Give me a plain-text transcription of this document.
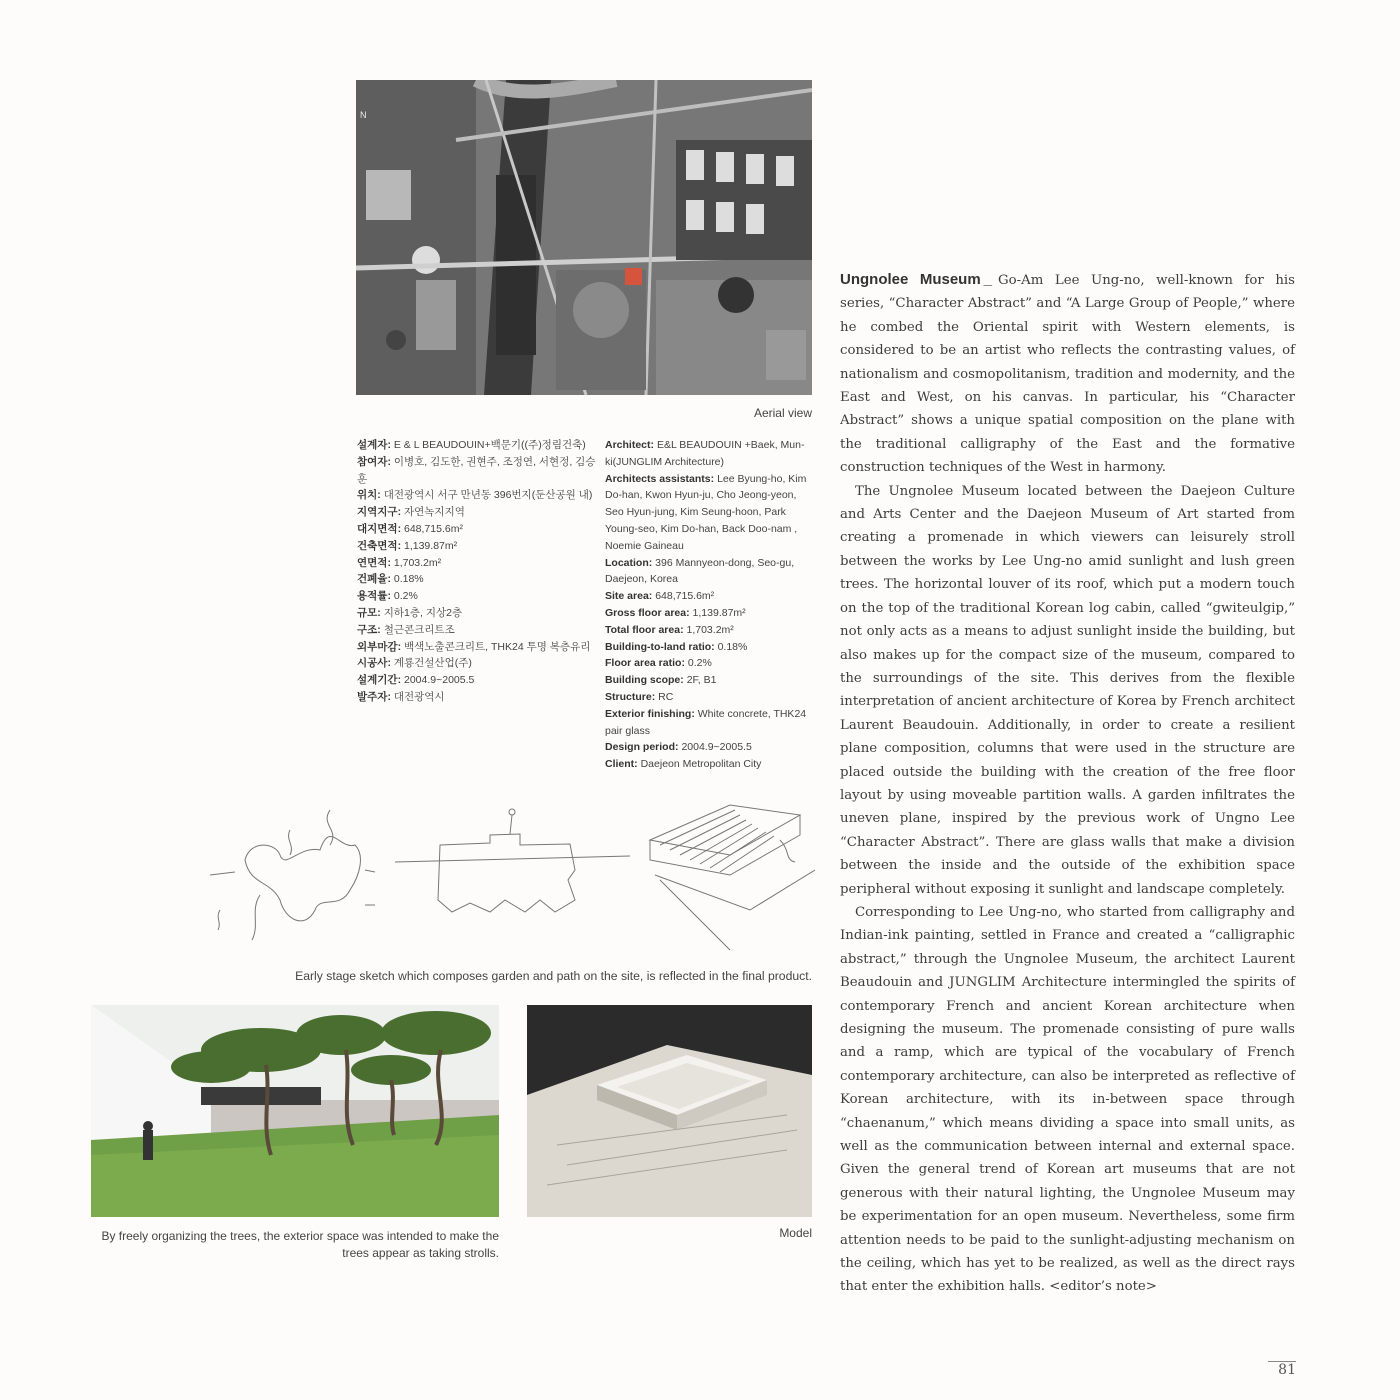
N
Aerial view
설계자: E & L BEAUDOUIN+백문기((주)정림건축)
참여자: 이병호, 김도한, 권현주, 조정연, 서현정, 김승훈
위치: 대전광역시 서구 만년동 396번지(둔산공원 내)
지역지구: 자연녹지지역
대지면적: 648,715.6m²
건축면적: 1,139.87m²
연면적: 1,703.2m²
건폐율: 0.18%
용적률: 0.2%
규모: 지하1층, 지상2층
구조: 철근콘크리트조
외부마감: 백색노출콘크리트, THK24 투명 복층유리
시공사: 계룡건설산업(주)
설계기간: 2004.9~2005.5
발주자: 대전광역시
Architect: E&L BEAUDOUIN +Baek, Mun-ki(JUNGLIM Architecture)
Architects assistants: Lee Byung-ho, Kim Do-han, Kwon Hyun-ju, Cho Jeong-yeon, Seo Hyun-jung, Kim Seung-hoon, Park Young-seo, Kim Do-han, Back Doo-nam , Noemie Gaineau
Location: 396 Mannyeon-dong, Seo-gu, Daejeon, Korea
Site area: 648,715.6m²
Gross floor area: 1,139.87m²
Total floor area: 1,703.2m²
Building-to-land ratio: 0.18%
Floor area ratio: 0.2%
Building scope: 2F, B1
Structure: RC
Exterior finishing: White concrete, THK24 pair glass
Design period: 2004.9~2005.5
Client: Daejeon Metropolitan City
Early stage sketch which composes garden and path on the site, is reflected in the final product.
By freely organizing the trees, the exterior space was intended to make the trees appear as taking strolls.
Model

Ungnolee Museum _ Go-Am Lee Ung-no, well-known for his series, “Character Abstract” and “A Large Group of People,” where he combed the Oriental spirit with Western elements, is considered to be an artist who reflects the contrasting values, of nationalism and cosmopolitanism, tradition and modernity, and the East and West, on his canvas. In particular, his “Character Abstract” shows a unique spatial composition on the plane with the traditional calligraphy of the East and the formative construction techniques of the West in harmony.

The Ungnolee Museum located between the Daejeon Culture and Arts Center and the Daejeon Museum of Art started from creating a promenade in which viewers can leisurely stroll between the works by Lee Ung-no amid sunlight and lush green trees. The horizontal louver of its roof, which put a modern touch on the top of the traditional Korean log cabin, called “gwiteulgip,” not only acts as a means to adjust sunlight inside the building, but also makes up for the compact size of the museum, compared to the surroundings of the site. This derives from the flexible interpretation of ancient architecture of Korea by French architect Laurent Beaudouin. Additionally, in order to create a resilient plane composition, columns that were used in the structure are placed outside the building with the creation of the free floor layout by using moveable partition walls. A garden infiltrates the uneven plane, inspired by the previous work of Ungno Lee “Character Abstract”. There are glass walls that make a division between the inside and the outside of the exhibition space peripheral without exposing it sunlight and landscape completely.

Corresponding to Lee Ung-no, who started from calligraphy and Indian-ink painting, settled in France and created a “calligraphic abstract,” through the Ungnolee Museum, the architect Laurent Beaudouin and JUNGLIM Architecture intermingled the spirits of contemporary French and ancient Korean architecture when designing the museum. The promenade consisting of pure walls and a ramp, which are typical of the vocabulary of French contemporary architecture, can also be interpreted as reflective of Korean architecture, with its in-between space through “chaenanum,” which means dividing a space into small units, as well as the communication between internal and external space. Given the general trend of Korean art museums that are not generous with their natural lighting, the Ungnolee Museum may be experimentation for an open museum. Nevertheless, some firm attention needs to be paid to the sunlight-adjusting mechanism on the ceiling, which has yet to be realized, as well as the direct rays that enter the exhibition halls. <editor’s note>

81
